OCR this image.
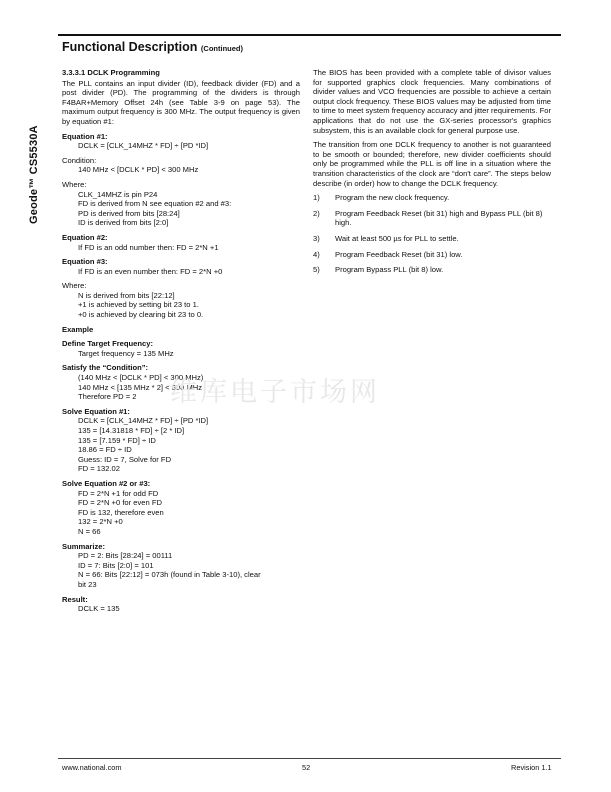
Geode™ CS5530A
Functional Description (Continued)
3.3.3.1 DCLK Programming

The PLL contains an input divider (ID), feedback divider (FD) and a post divider (PD). The programming of the dividers is through F4BAR+Memory Offset 24h (see Table 3-9 on page 53). The maximum output frequency is 300 MHz. The output frequency is given by equation #1:

Equation #1:
DCLK = [CLK_14MHZ * FD] ÷ [PD *ID]
Condition:
140 MHz < [DCLK * PD] < 300 MHz
Where:
CLK_14MHZ is pin P24
FD is derived from N see equation #2 and #3:
PD is derived from bits [28:24]
ID is derived from bits [2:0]
Equation #2:
If FD is an odd number then: FD = 2*N +1
Equation #3:
If FD is an even number then: FD = 2*N +0
Where:
N is derived from bits [22:12]
+1 is achieved by setting bit 23 to 1.
+0 is achieved by clearing bit 23 to 0.
Example
Define Target Frequency:
Target frequency = 135 MHz
Satisfy the “Condition”:
(140 MHz < [DCLK * PD] < 300 MHz)
140 MHz < [135 MHz * 2] < 300 MHz
Therefore PD = 2
Solve Equation #1:
DCLK = [CLK_14MHZ * FD] ÷ [PD *ID]
135 = [14.31818 * FD] ÷ [2 * ID]
135 = [7.159 * FD] ÷ ID
18.86 = FD ÷ ID
Guess: ID = 7, Solve for FD
FD = 132.02
Solve Equation #2 or #3:
FD = 2*N +1 for odd FD
FD = 2*N +0 for even FD
FD is 132, therefore even
132 = 2*N +0
N = 66
Summarize:
PD = 2: Bits [28:24] = 00111
ID = 7: Bits [2:0] = 101
N = 66: Bits [22:12] = 073h (found in Table 3-10), clear
bit 23
Result:
DCLK = 135

The BIOS has been provided with a complete table of divisor values for supported graphics clock frequencies. Many combinations of divider values and VCO frequencies are possible to achieve a certain output clock frequency. These BIOS values may be adjusted from time to time to meet system frequency accuracy and jitter requirements. For applications that do not use the GX-series processor's graphics subsystem, this is an available clock for general purpose use.

The transition from one DCLK frequency to another is not guaranteed to be smooth or bounded; therefore, new divider coefficients should only be programmed while the PLL is off line in a situation where the transition characteristics of the clock are “don't care”. The steps below describe (in order) how to change the DCLK frequency.

1) Program the new clock frequency.
2) Program Feedback Reset (bit 31) high and Bypass PLL (bit 8) high.
3) Wait at least 500 µs for PLL to settle.
4) Program Feedback Reset (bit 31) low.
5) Program Bypass PLL (bit 8) low.
维库电子市场网
www.national.com	52	Revision 1.1
